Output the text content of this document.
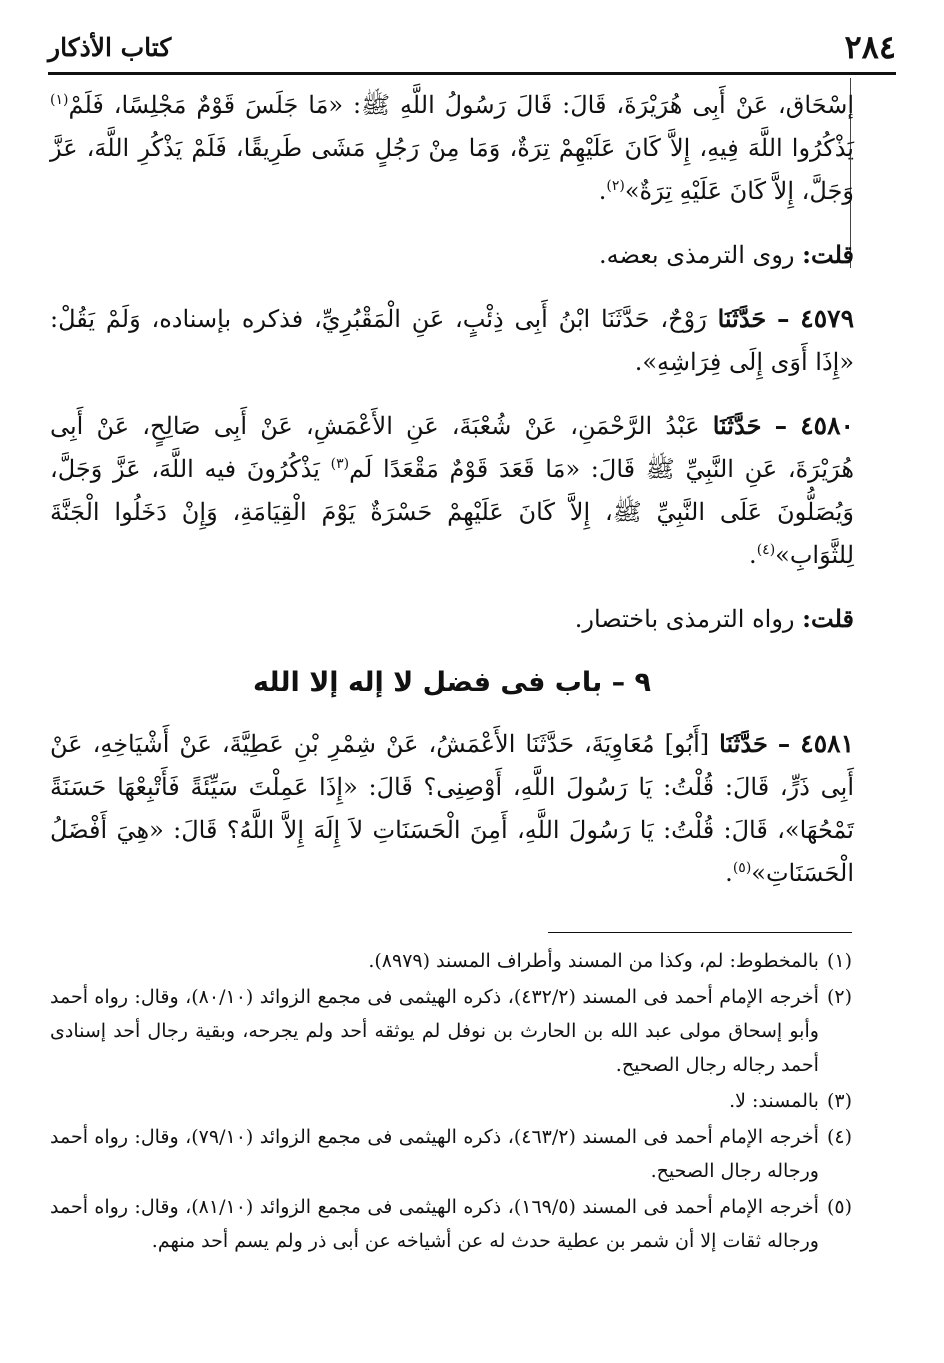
٢٨٤
كتاب الأذكار

إسْحَاق، عَنْ أَبِى هُرَيْرَةَ، قَالَ: قَالَ رَسُولُ اللَّهِ ﷺ: «مَا جَلَسَ قَوْمٌ مَجْلِسًا، فَلَمْ$^{(١)}$ يَذْكُرُوا اللَّهَ فِيهِ، إِلاَّ كَانَ عَلَيْهِمْ تِرَةٌ، وَمَا مِنْ رَجُلٍ مَشَى طَرِيقًا، فَلَمْ يَذْكُرِ اللَّهَ، عَزَّ وَجَلَّ، إِلاَّ كَانَ عَلَيْهِ تِرَةٌ»$^{(٢)}$.

قلت: روى الترمذى بعضه.

٤٥٧٩ – حَدَّثَنَا رَوْحٌ، حَدَّثَنَا ابْنُ أَبِى ذِئْبٍ، عَنِ الْمَقْبُرِيِّ، فذكره بإسناده، وَلَمْ يَقُلْ: «إِذَا أَوَى إِلَى فِرَاشِهِ».

٤٥٨٠ – حَدَّثَنَا عَبْدُ الرَّحْمَنِ، عَنْ شُعْبَةَ، عَنِ الأَعْمَشِ، عَنْ أَبِى صَالِحٍ، عَنْ أَبِى هُرَيْرَةَ، عَنِ النَّبِيِّ ﷺ قَالَ: «مَا قَعَدَ قَوْمٌ مَقْعَدًا لَم$^{(٣)}$ يَذْكُرُونَ فيه اللَّهَ، عَزَّ وَجَلَّ، وَيُصَلُّونَ عَلَى النَّبِيِّ ﷺ، إِلاَّ كَانَ عَلَيْهِمْ حَسْرَةٌ يَوْمَ الْقِيَامَةِ، وَإِنْ دَخَلُوا الْجَنَّةَ لِلثَّوَابِ»$^{(٤)}$.

قلت: رواه الترمذى باختصار.

٩ – باب فى فضل لا إله إلا الله

٤٥٨١ – حَدَّثَنَا [أَبُو] مُعَاوِيَةَ، حَدَّثَنَا الأَعْمَشُ، عَنْ شِمْرِ بْنِ عَطِيَّةَ، عَنْ أَشْيَاخِهِ، عَنْ أَبِى ذَرٍّ، قَالَ: قُلْتُ: يَا رَسُولَ اللَّهِ، أَوْصِنِى؟ قَالَ: «إِذَا عَمِلْتَ سَيِّئَةً فَأَتْبِعْهَا حَسَنَةً تَمْحُهَا»، قَالَ: قُلْتُ: يَا رَسُولَ اللَّهِ، أَمِنَ الْحَسَنَاتِ لاَ إِلَهَ إِلاَّ اللَّهُ؟ قَالَ: «هِيَ أَفْضَلُ الْحَسَنَاتِ»$^{(٥)}$.

(١)
بالمخطوط: لم، وكذا من المسند وأطراف المسند (٨٩٧٩).
(٢)
أخرجه الإمام أحمد فى المسند (٤٣٢/٢)، ذكره الهيثمى فى مجمع الزوائد (٨٠/١٠)، وقال: رواه أحمد وأبو إسحاق مولى عبد الله بن الحارث بن نوفل لم يوثقه أحد ولم يجرحه، وبقية رجال أحد إسنادى أحمد رجاله رجال الصحيح.
(٣)
بالمسند: لا.
(٤)
أخرجه الإمام أحمد فى المسند (٤٦٣/٢)، ذكره الهيثمى فى مجمع الزوائد (٧٩/١٠)، وقال: رواه أحمد ورجاله رجال الصحيح.
(٥)
أخرجه الإمام أحمد فى المسند (١٦٩/٥)، ذكره الهيثمى فى مجمع الزوائد (٨١/١٠)، وقال: رواه أحمد ورجاله ثقات إلا أن شمر بن عطية حدث له عن أشياخه عن أبى ذر ولم يسم أحد منهم.
